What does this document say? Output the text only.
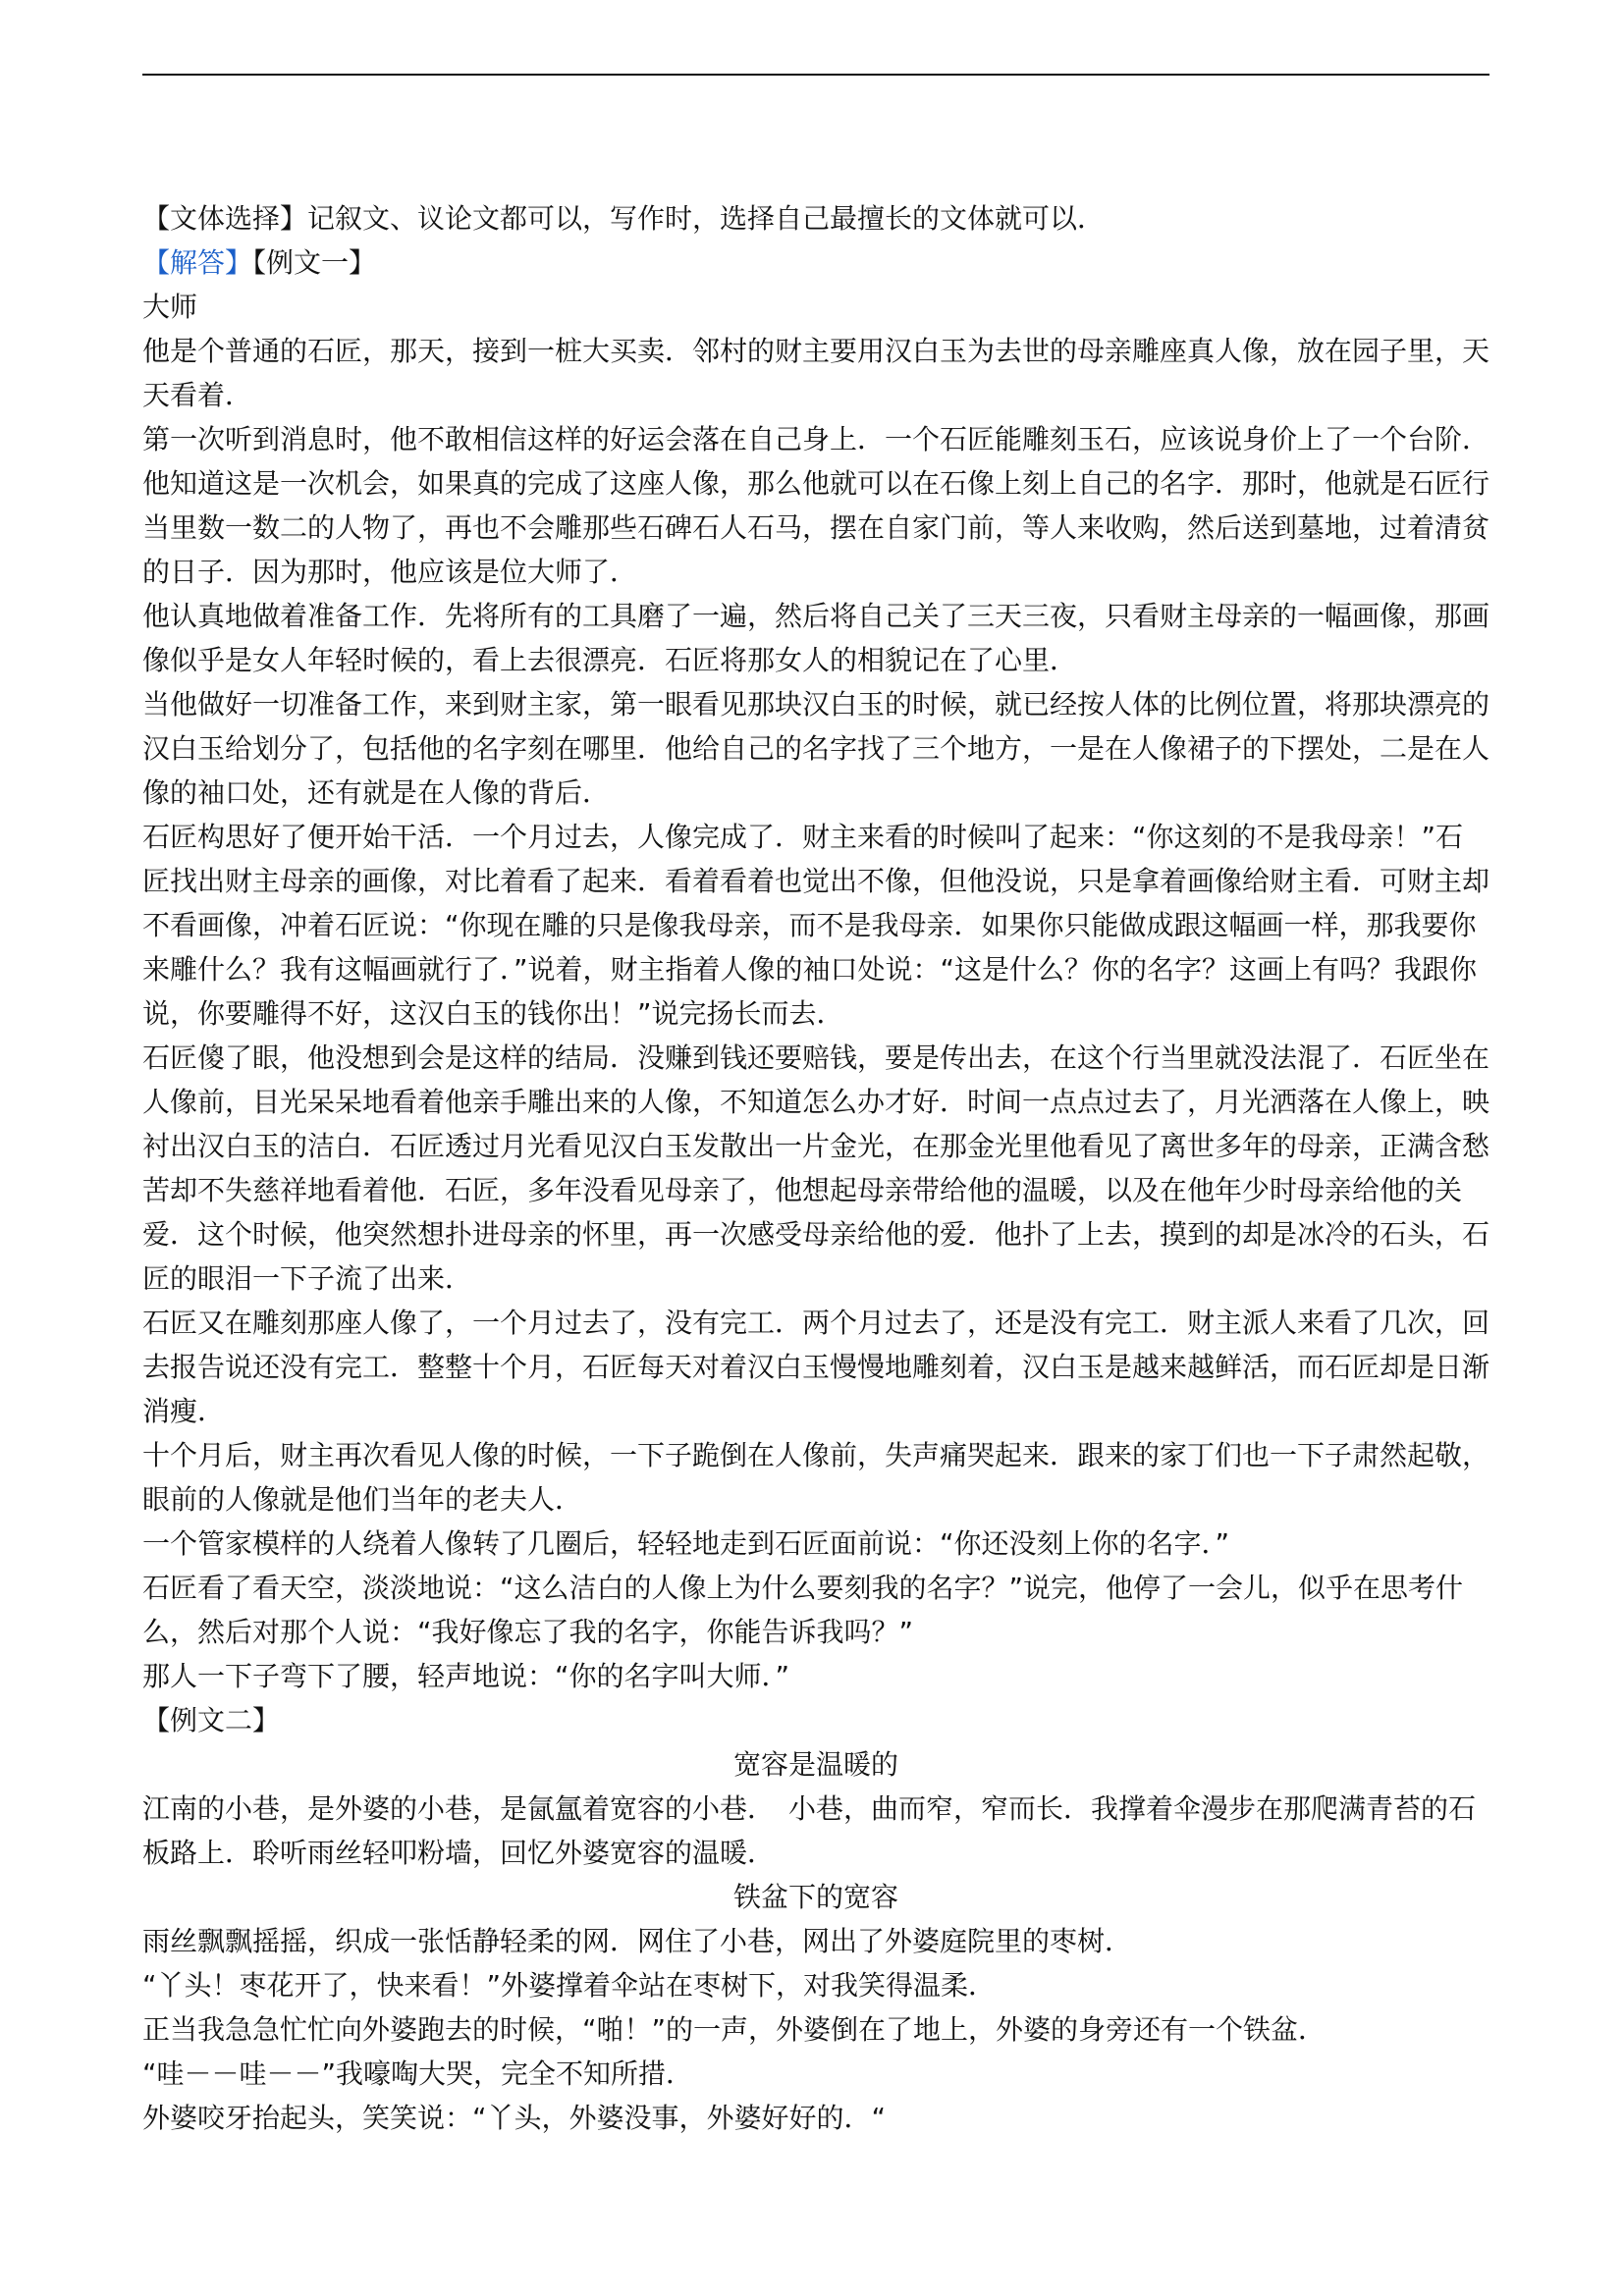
【文体选择】记叙文、议论文都可以，写作时，选择自己最擅长的文体就可以．

【解答】【例文一】

大师

他是个普通的石匠，那天，接到一桩大买卖．邻村的财主要用汉白玉为去世的母亲雕座真人像，放在园子里，天天看着．

第一次听到消息时，他不敢相信这样的好运会落在自己身上．一个石匠能雕刻玉石，应该说身价上了一个台阶．他知道这是一次机会，如果真的完成了这座人像，那么他就可以在石像上刻上自己的名字．那时，他就是石匠行当里数一数二的人物了，再也不会雕那些石碑石人石马，摆在自家门前，等人来收购，然后送到墓地，过着清贫的日子．因为那时，他应该是位大师了．

他认真地做着准备工作．先将所有的工具磨了一遍，然后将自己关了三天三夜，只看财主母亲的一幅画像，那画像似乎是女人年轻时候的，看上去很漂亮．石匠将那女人的相貌记在了心里．

当他做好一切准备工作，来到财主家，第一眼看见那块汉白玉的时候，就已经按人体的比例位置，将那块漂亮的汉白玉给划分了，包括他的名字刻在哪里．他给自己的名字找了三个地方，一是在人像裙子的下摆处，二是在人像的袖口处，还有就是在人像的背后．

石匠构思好了便开始干活．一个月过去，人像完成了．财主来看的时候叫了起来：“你这刻的不是我母亲！”石匠找出财主母亲的画像，对比着看了起来．看着看着也觉出不像，但他没说，只是拿着画像给财主看．可财主却不看画像，冲着石匠说：“你现在雕的只是像我母亲，而不是我母亲．如果你只能做成跟这幅画一样，那我要你来雕什么？我有这幅画就行了．”说着，财主指着人像的袖口处说：“这是什么？你的名字？这画上有吗？我跟你说，你要雕得不好，这汉白玉的钱你出！”说完扬长而去．

石匠傻了眼，他没想到会是这样的结局．没赚到钱还要赔钱，要是传出去，在这个行当里就没法混了．石匠坐在人像前，目光呆呆地看着他亲手雕出来的人像，不知道怎么办才好．时间一点点过去了，月光洒落在人像上，映衬出汉白玉的洁白．石匠透过月光看见汉白玉发散出一片金光，在那金光里他看见了离世多年的母亲，正满含愁苦却不失慈祥地看着他．石匠，多年没看见母亲了，他想起母亲带给他的温暖，以及在他年少时母亲给他的关爱．这个时候，他突然想扑进母亲的怀里，再一次感受母亲给他的爱．他扑了上去，摸到的却是冰冷的石头，石匠的眼泪一下子流了出来．

石匠又在雕刻那座人像了，一个月过去了，没有完工．两个月过去了，还是没有完工．财主派人来看了几次，回去报告说还没有完工．整整十个月，石匠每天对着汉白玉慢慢地雕刻着，汉白玉是越来越鲜活，而石匠却是日渐消瘦．

十个月后，财主再次看见人像的时候，一下子跪倒在人像前，失声痛哭起来．跟来的家丁们也一下子肃然起敬，眼前的人像就是他们当年的老夫人．

一个管家模样的人绕着人像转了几圈后，轻轻地走到石匠面前说：“你还没刻上你的名字．”

石匠看了看天空，淡淡地说：“这么洁白的人像上为什么要刻我的名字？”说完，他停了一会儿，似乎在思考什么，然后对那个人说：“我好像忘了我的名字，你能告诉我吗？”

那人一下子弯下了腰，轻声地说：“你的名字叫大师．”

【例文二】

宽容是温暖的

江南的小巷，是外婆的小巷，是氤氲着宽容的小巷．　小巷，曲而窄，窄而长．我撑着伞漫步在那爬满青苔的石板路上．聆听雨丝轻叩粉墙，回忆外婆宽容的温暖．

铁盆下的宽容

雨丝飘飘摇摇，织成一张恬静轻柔的网．网住了小巷，网出了外婆庭院里的枣树．

“丫头！枣花开了，快来看！”外婆撑着伞站在枣树下，对我笑得温柔．

正当我急急忙忙向外婆跑去的时候，“啪！”的一声，外婆倒在了地上，外婆的身旁还有一个铁盆．

“哇－－哇－－”我嚎啕大哭，完全不知所措．

外婆咬牙抬起头，笑笑说：“丫头，外婆没事，外婆好好的．“
